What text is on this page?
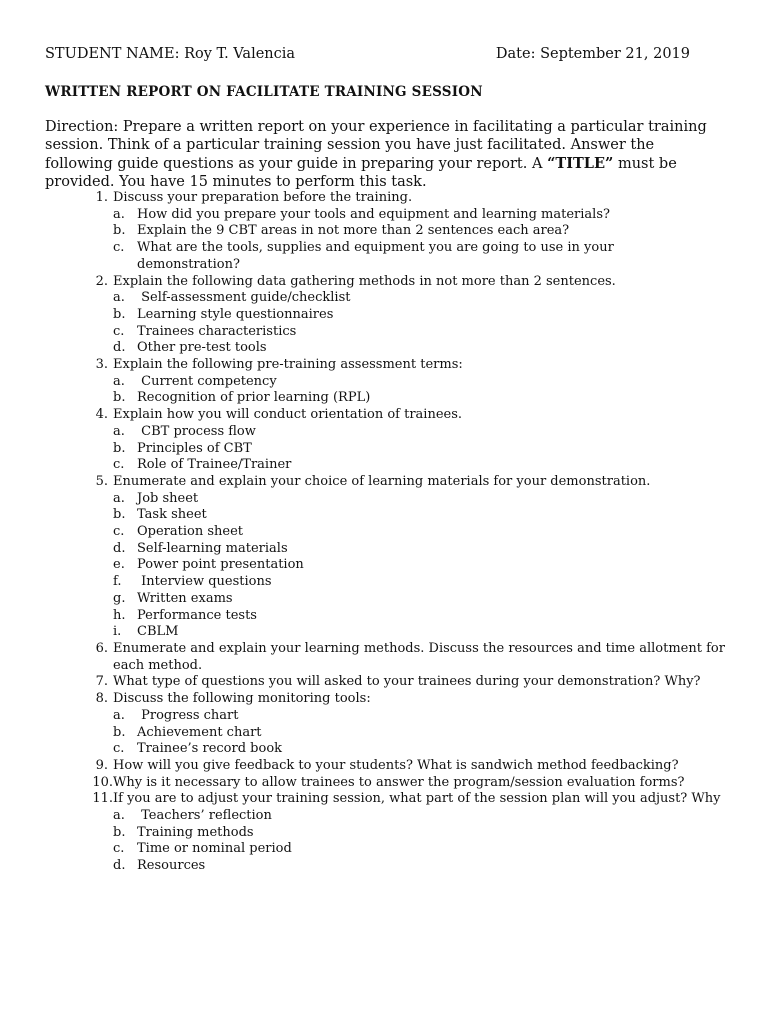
STUDENT NAME: Roy T. Valencia	Date: September 21, 2019
WRITTEN REPORT ON FACILITATE TRAINING SESSION
Direction: Prepare a written report on your experience in facilitating a particular training session. Think of a particular training session you have just facilitated. Answer the following guide questions as your guide in preparing your report. A “TITLE” must be provided. You have 15 minutes to perform this task.
1. Discuss your preparation before the training.
a. How did you prepare your tools and equipment and learning materials?
b. Explain the 9 CBT areas in not more than 2 sentences each area?
c. What are the tools, supplies and equipment you are going to use in your demonstration?
2. Explain the following data gathering methods in not more than 2 sentences.
a. Self-assessment guide/checklist
b. Learning style questionnaires
c. Trainees characteristics
d. Other pre-test tools
3. Explain the following pre-training assessment terms:
a. Current competency
b. Recognition of prior learning (RPL)
4. Explain how you will conduct orientation of trainees.
a. CBT process flow
b. Principles of CBT
c. Role of Trainee/Trainer
5. Enumerate and explain your choice of learning materials for your demonstration.
a. Job sheet
b. Task sheet
c. Operation sheet
d. Self-learning materials
e. Power point presentation
f.	Interview questions
g. Written exams
h. Performance tests
i.	CBLM
6. Enumerate and explain your learning methods. Discuss the resources and time allotment for each method.
7. What type of questions you will asked to your trainees during your demonstration? Why?
8. Discuss the following monitoring tools:
a. Progress chart
b. Achievement chart
c. Trainee’s record book
9. How will you give feedback to your students? What is sandwich method feedbacking?
10. Why is it necessary to allow trainees to answer the program/session evaluation forms?
11. If you are to adjust your training session, what part of the session plan will you adjust? Why
a. Teachers’ reflection
b. Training methods
c. Time or nominal period
d. Resources
